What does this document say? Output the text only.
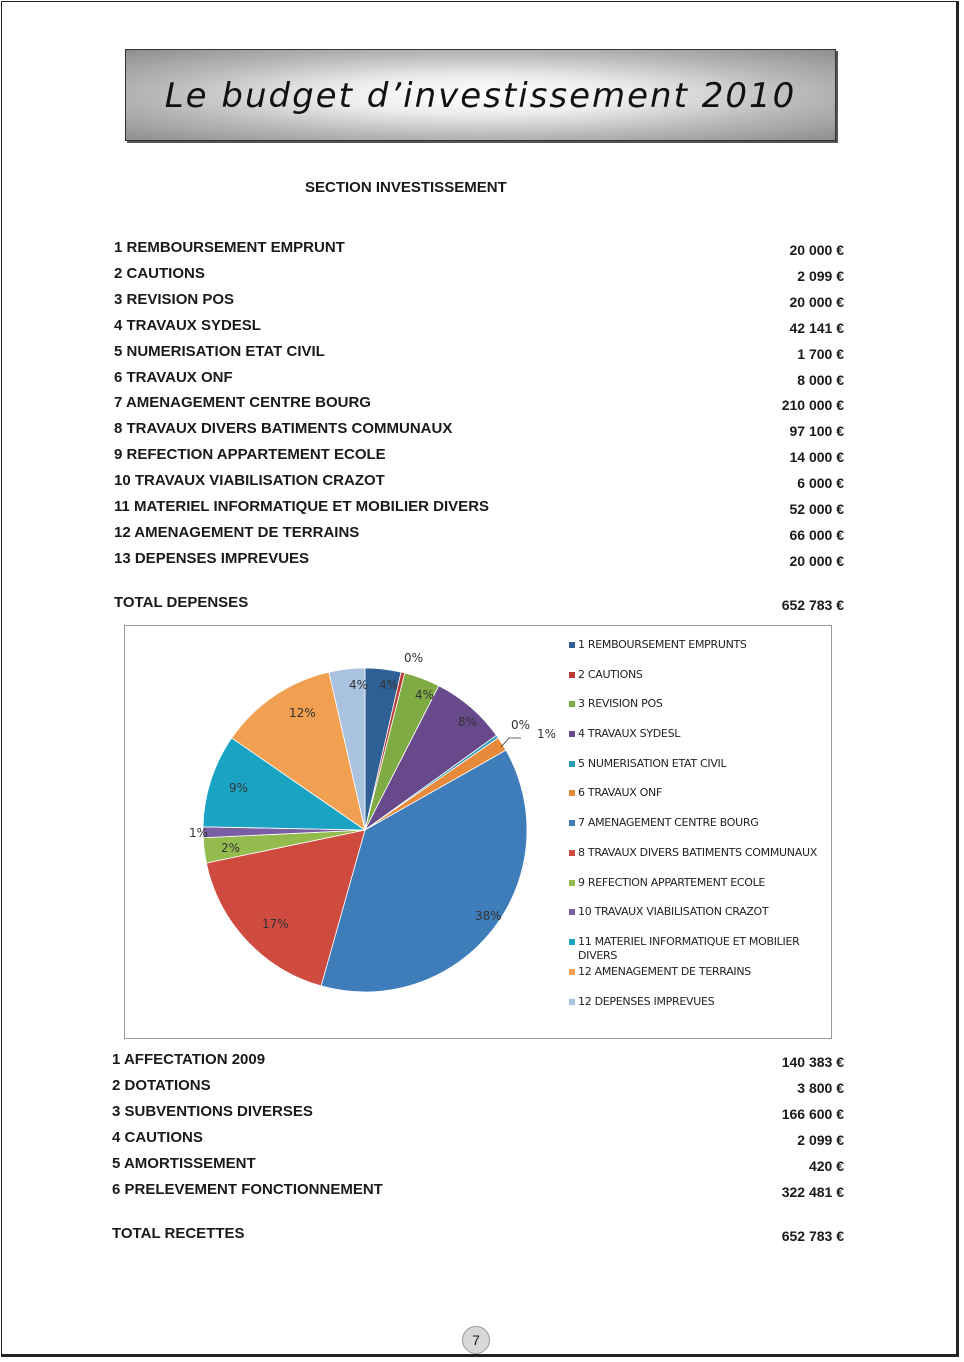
Le budget d’investissement 2010
SECTION INVESTISSEMENT
1 REMBOURSEMENT EMPRUNT	20 000 €
2 CAUTIONS	2 099 €
3 REVISION POS	20 000 €
4 TRAVAUX SYDESL	42 141 €
5 NUMERISATION ETAT CIVIL	1 700 €
6 TRAVAUX ONF	8 000 €
7 AMENAGEMENT CENTRE BOURG	210 000 €
8 TRAVAUX DIVERS BATIMENTS COMMUNAUX	97 100 €
9 REFECTION APPARTEMENT ECOLE	14 000 €
10 TRAVAUX VIABILISATION CRAZOT	6 000 €
11 MATERIEL INFORMATIQUE ET MOBILIER DIVERS	52 000 €
12 AMENAGEMENT DE TERRAINS	66 000 €
13 DEPENSES IMPREVUES	20 000 €
TOTAL DEPENSES	652 783 €
4%
0%
4%
8%	0%
1%
38%
17%
2%
1%
9%
12%
4%
1 REMBOURSEMENT EMPRUNTS
2 CAUTIONS
3 REVISION POS
4 TRAVAUX SYDESL
5 NUMERISATION ETAT CIVIL
6 TRAVAUX ONF
7 AMENAGEMENT CENTRE BOURG
8 TRAVAUX DIVERS BATIMENTS COMMUNAUX
9 REFECTION APPARTEMENT ECOLE
10 TRAVAUX VIABILISATION CRAZOT
11 MATERIEL INFORMATIQUE ET MOBILIER DIVERS
12 AMENAGEMENT DE TERRAINS
12 DEPENSES IMPREVUES
1 AFFECTATION 2009	140 383 €
2 DOTATIONS	3 800 €
3 SUBVENTIONS DIVERSES	166 600 €
4 CAUTIONS	2 099 €
5 AMORTISSEMENT	420 €
6 PRELEVEMENT FONCTIONNEMENT	322 481 €
TOTAL RECETTES	652 783 €
7
